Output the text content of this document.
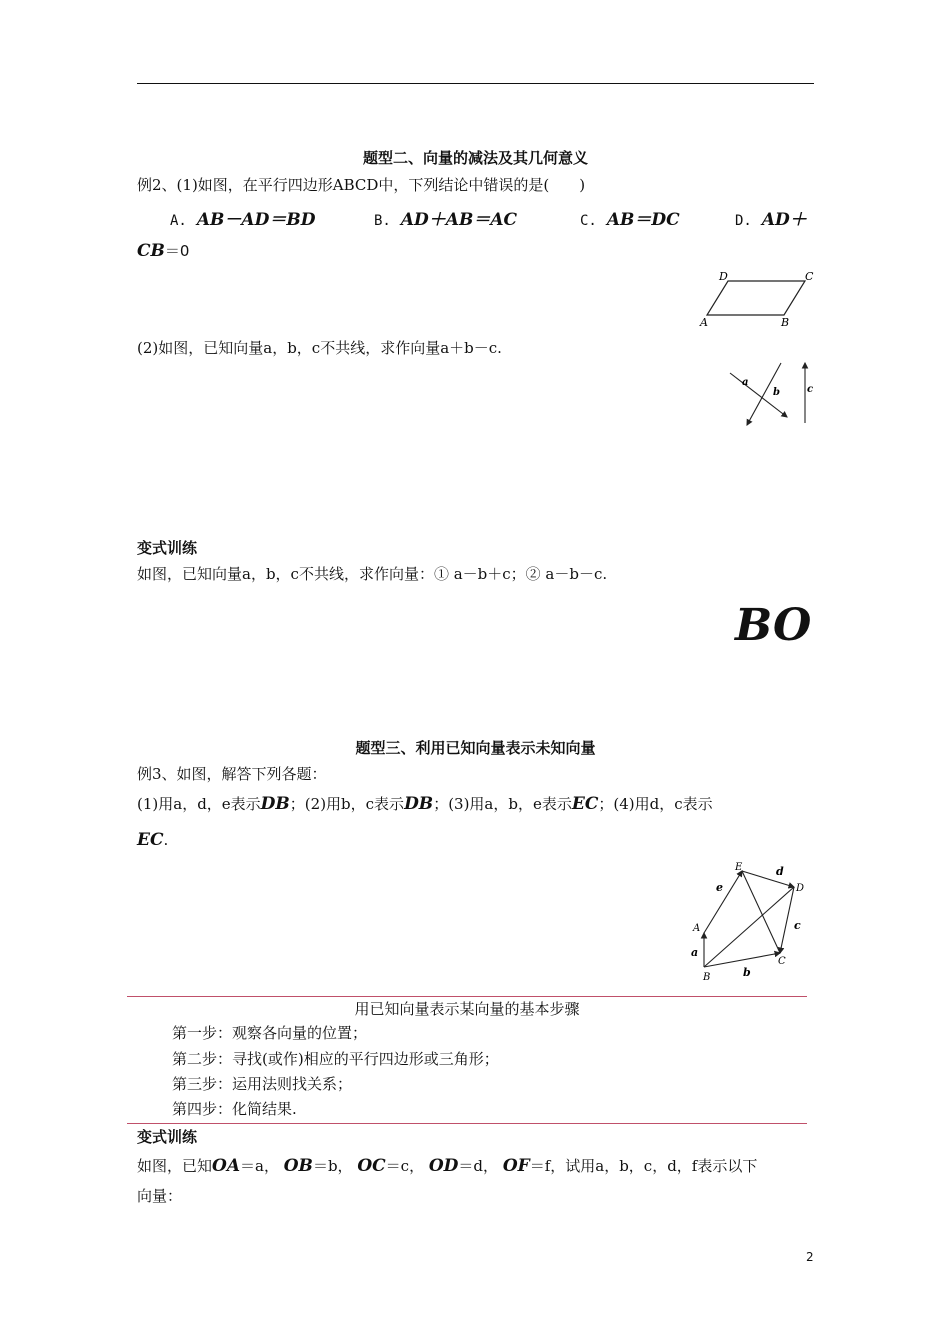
题型二、向量的减法及其几何意义
例2、(1)如图，在平行四边形ABCD中，下列结论中错误的是(　　)
A. AB－AD＝BD	B. AD＋AB＝AC	C. AB＝DC	D. AD＋
CB＝0
D	C
A	B
(2)如图，已知向量a，b，c不共线，求作向量a＋b－c.
a
b	c
变式训练
如图，已知向量a，b，c不共线，求作向量：① a－b＋c；② a－b－c.
BO
题型三、利用已知向量表示未知向量
例3、如图，解答下列各题：
(1)用a，d，e表示DB；(2)用b，c表示DB；(3)用a，b，e表示EC；(4)用d，c表示
EC.
E
D
A
C
B
d
e
c
a
b
用已知向量表示某向量的基本步骤
第一步：观察各向量的位置；
第二步：寻找(或作)相应的平行四边形或三角形；
第三步：运用法则找关系；
第四步：化简结果.
变式训练
如图，已知OA＝a， OB＝b， OC＝c， OD＝d， OF＝f，试用a，b，c，d，f表示以下
向量：
2
